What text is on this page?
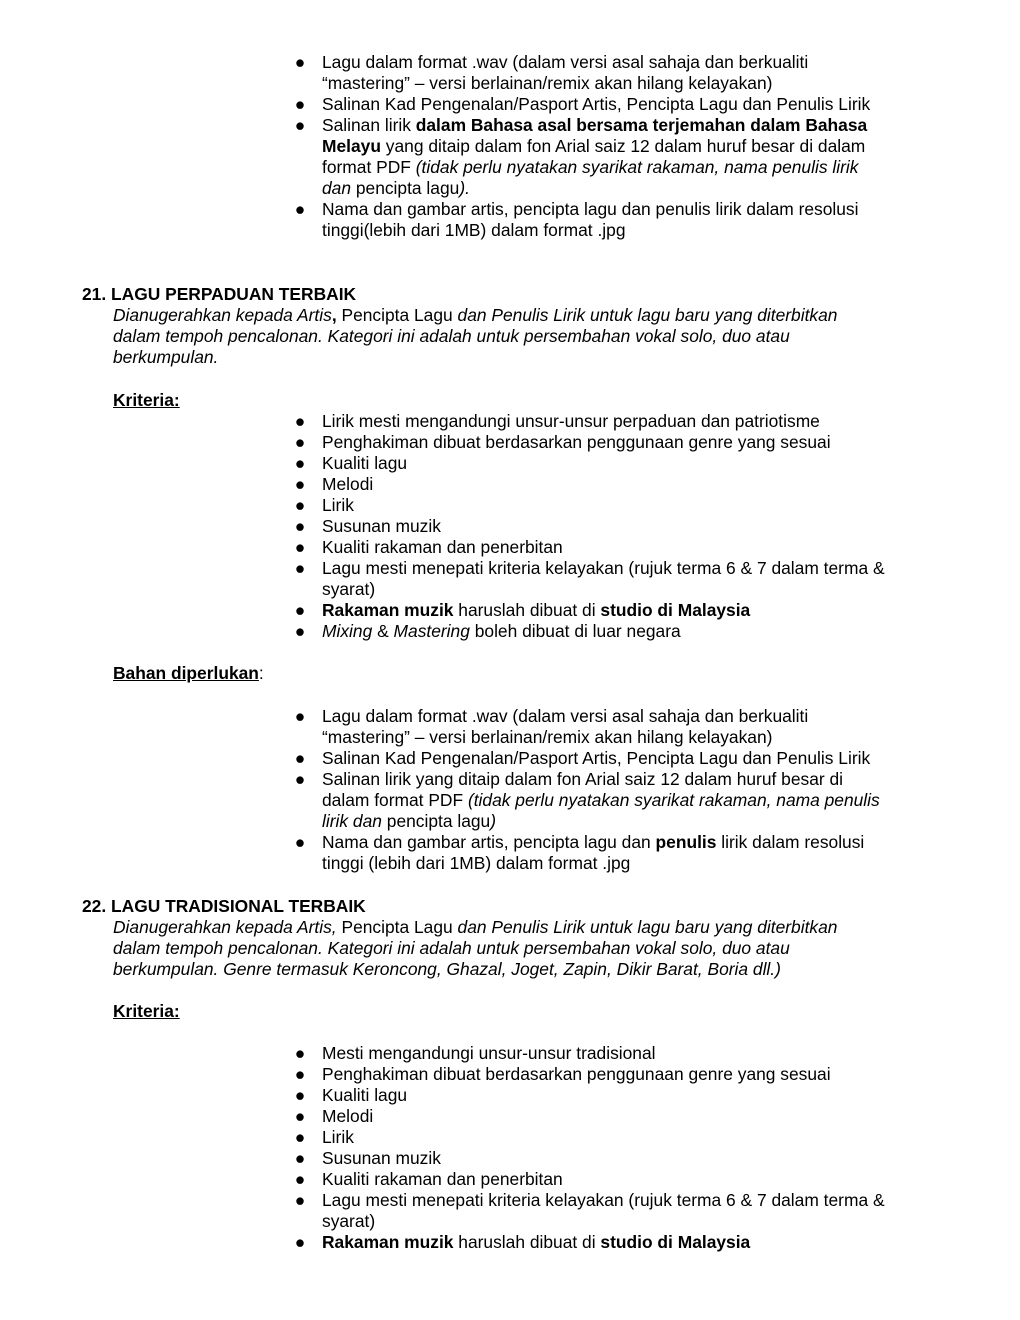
● Lagu dalam format .wav (dalam versi asal sahaja dan berkualiti
“mastering” – versi berlainan/remix akan hilang kelayakan)
● Salinan Kad Pengenalan/Pasport Artis, Pencipta Lagu dan Penulis Lirik
● Salinan lirik dalam Bahasa asal bersama terjemahan dalam Bahasa
Melayu yang ditaip dalam fon Arial saiz 12 dalam huruf besar di dalam
format PDF (tidak perlu nyatakan syarikat rakaman, nama penulis lirik
dan pencipta lagu).
● Nama dan gambar artis, pencipta lagu dan penulis lirik dalam resolusi
tinggi(lebih dari 1MB) dalam format .jpg
21. LAGU PERPADUAN TERBAIK
Dianugerahkan kepada Artis, Pencipta Lagu dan Penulis Lirik untuk lagu baru yang diterbitkan
dalam tempoh pencalonan. Kategori ini adalah untuk persembahan vokal solo, duo atau
berkumpulan.
Kriteria:
● Lirik mesti mengandungi unsur-unsur perpaduan dan patriotisme
● Penghakiman dibuat berdasarkan penggunaan genre yang sesuai
● Kualiti lagu
● Melodi
● Lirik
● Susunan muzik
● Kualiti rakaman dan penerbitan
● Lagu mesti menepati kriteria kelayakan (rujuk terma 6 & 7 dalam terma &
syarat)
● Rakaman muzik haruslah dibuat di studio di Malaysia
● Mixing & Mastering boleh dibuat di luar negara
Bahan diperlukan:
● Lagu dalam format .wav (dalam versi asal sahaja dan berkualiti
“mastering” – versi berlainan/remix akan hilang kelayakan)
● Salinan Kad Pengenalan/Pasport Artis, Pencipta Lagu dan Penulis Lirik
● Salinan lirik yang ditaip dalam fon Arial saiz 12 dalam huruf besar di
dalam format PDF (tidak perlu nyatakan syarikat rakaman, nama penulis
lirik dan pencipta lagu)
● Nama dan gambar artis, pencipta lagu dan penulis lirik dalam resolusi
tinggi (lebih dari 1MB) dalam format .jpg
22. LAGU TRADISIONAL TERBAIK
Dianugerahkan kepada Artis, Pencipta Lagu dan Penulis Lirik untuk lagu baru yang diterbitkan
dalam tempoh pencalonan. Kategori ini adalah untuk persembahan vokal solo, duo atau
berkumpulan. Genre termasuk Keroncong, Ghazal, Joget, Zapin, Dikir Barat, Boria dll.)
Kriteria:
● Mesti mengandungi unsur-unsur tradisional
● Penghakiman dibuat berdasarkan penggunaan genre yang sesuai
● Kualiti lagu
● Melodi
● Lirik
● Susunan muzik
● Kualiti rakaman dan penerbitan
● Lagu mesti menepati kriteria kelayakan (rujuk terma 6 & 7 dalam terma &
syarat)
● Rakaman muzik haruslah dibuat di studio di Malaysia
